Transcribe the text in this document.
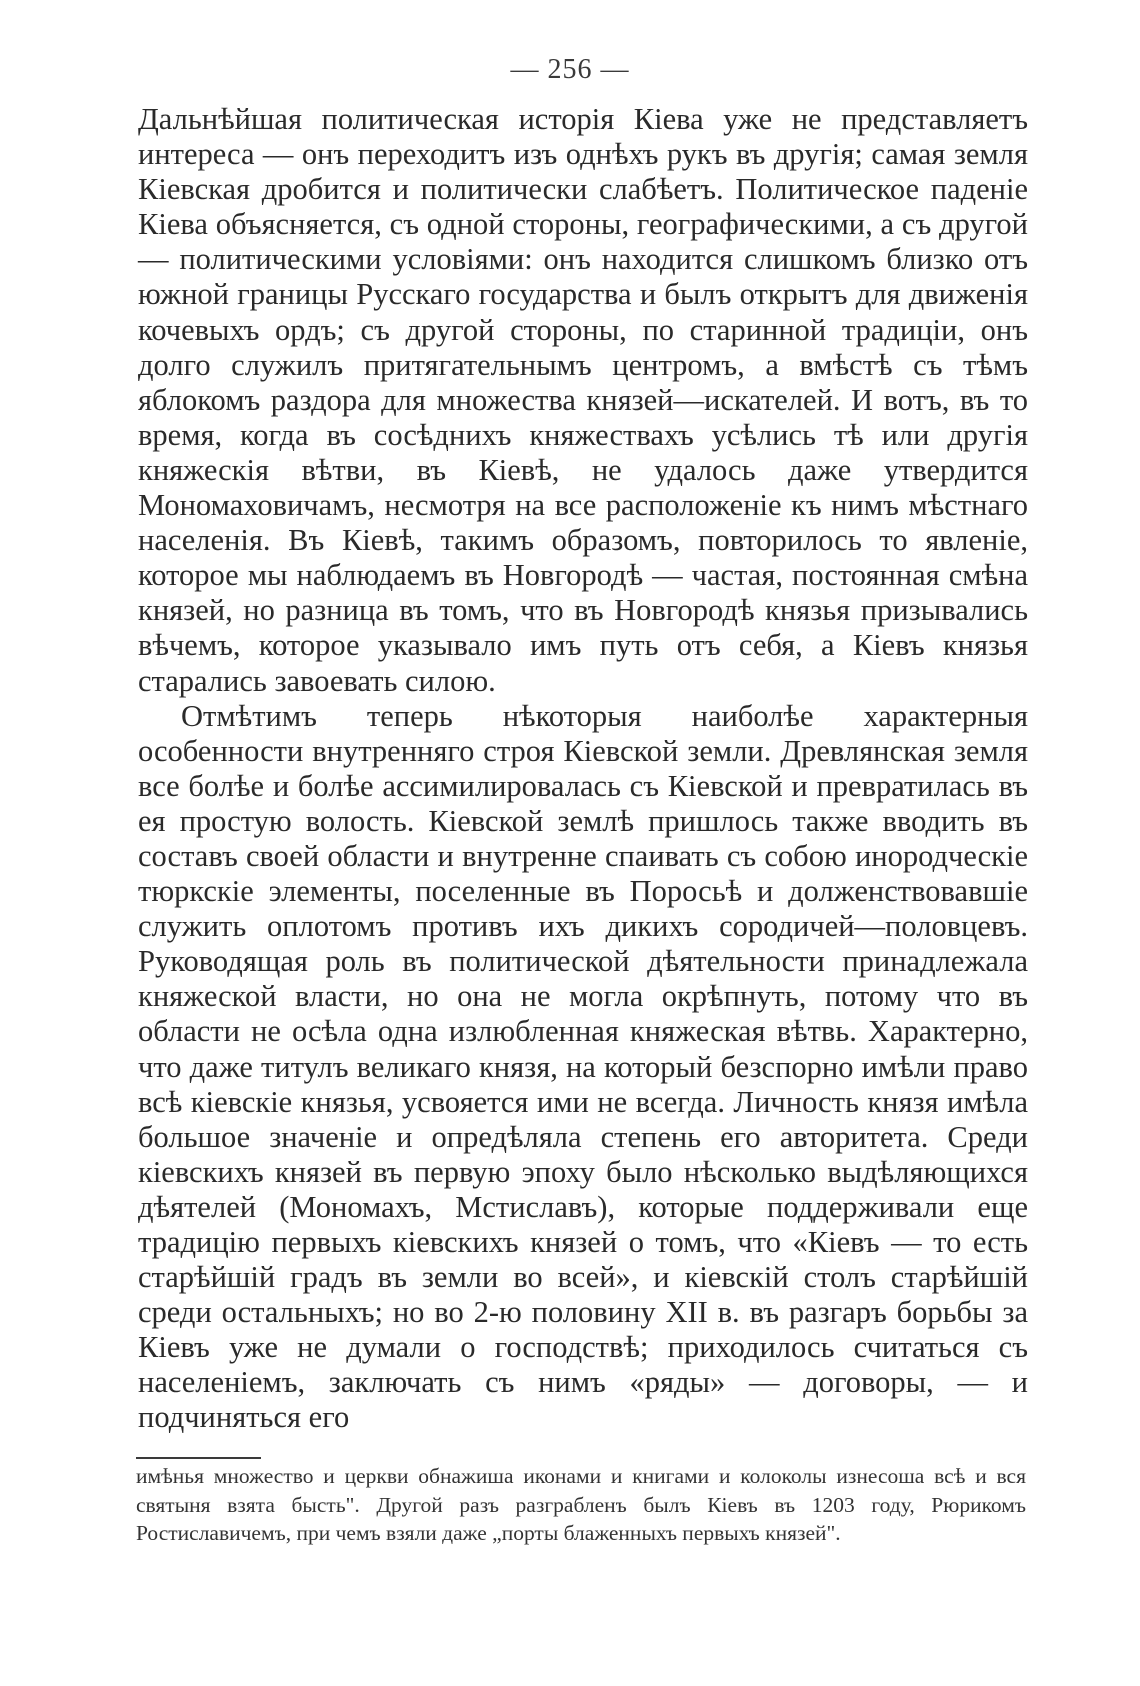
— 256 —

Дальнѣйшая политическая исторія Кіева уже не представляетъ интереса — онъ переходитъ изъ однѣхъ рукъ въ другія; самая земля Кіевская дробится и политически слабѣетъ. Политическое паденіе Кіева объясняется, съ одной стороны, географическими, а съ другой — политическими условіями: онъ находится слишкомъ близко отъ южной границы Русскаго государства и былъ открытъ для движенія кочевыхъ ордъ; съ другой стороны, по старинной традиціи, онъ долго служилъ притягательнымъ центромъ, а вмѣстѣ съ тѣмъ яблокомъ раздора для множества князей—искателей. И вотъ, въ то время, когда въ сосѣднихъ княжествахъ усѣлись тѣ или другія княжескія вѣтви, въ Кіевѣ, не удалось даже утвердится Мономаховичамъ, несмотря на все расположеніе къ нимъ мѣстнаго населенія. Въ Кіевѣ, такимъ образомъ, повторилось то явленіе, которое мы наблюдаемъ въ Новгородѣ — частая, постоянная смѣна князей, но разница въ томъ, что въ Новгородѣ князья призывались вѣчемъ, которое указывало имъ путь отъ себя, а Кіевъ князья старались завоевать силою.

Отмѣтимъ теперь нѣкоторыя наиболѣе характерныя особенности внутренняго строя Кіевской земли. Древлянская земля все болѣе и болѣе ассимилировалась съ Кіевской и превратилась въ ея простую волость. Кіевской землѣ пришлось также вводить въ составъ своей области и внутренне спаивать съ собою инородческіе тюркскіе элементы, поселенные въ Поросьѣ и долженствовавшіе служить оплотомъ противъ ихъ дикихъ сородичей—половцевъ. Руководящая роль въ политической дѣятельности принадлежала княжеской власти, но она не могла окрѣпнуть, потому что въ области не осѣла одна излюбленная княжеская вѣтвь. Характерно, что даже титулъ великаго князя, на который безспорно имѣли право всѣ кіевскіе князья, усвояется ими не всегда. Личность князя имѣла большое значеніе и опредѣляла степень его авторитета. Среди кіевскихъ князей въ первую эпоху было нѣсколько выдѣляющихся дѣятелей (Мономахъ, Мстиславъ), которые поддерживали еще традицію первыхъ кіевскихъ князей о томъ, что «Кіевъ — то есть старѣйшій градъ въ земли во всей», и кіевскій столъ старѣйшій среди остальныхъ; но во 2-ю половину XII в. въ разгаръ борьбы за Кіевъ уже не думали о господствѣ; приходилось считаться съ населеніемъ, заключать съ нимъ «ряды» — договоры, — и подчиняться его

имѣнья множество и церкви обнажиша иконами и книгами и колоколы изнесоша всѣ и вся святыня взята бысть". Другой разъ разграбленъ былъ Кіевъ въ 1203 году, Рюрикомъ Ростиславичемъ, при чемъ взяли даже „порты блаженныхъ первыхъ князей".
